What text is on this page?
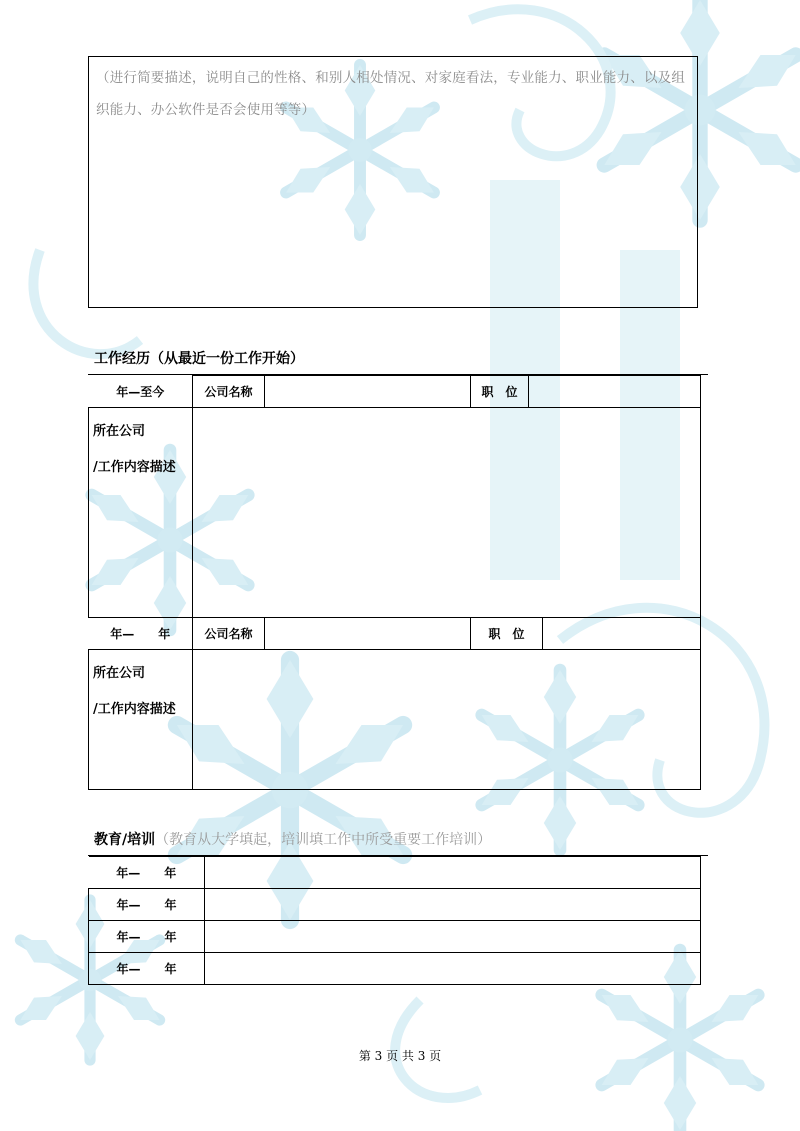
（进行简要描述，说明自己的性格、和别人相处情况、对家庭看法，专业能力、职业能力、以及组织能力、办公软件是否会使用等等）
工作经历（从最近一份工作开始）
年—至今	公司名称		职　位	

所在公司
/工作内容描述				

年—　　年	公司名称		职　位	

所在公司
/工作内容描述				

教育/培训（教育从大学填起，培训填工作中所受重要工作培训）
年—　　年	
年—　　年	
年—　　年	
年—　　年	
第 3 页 共 3 页
